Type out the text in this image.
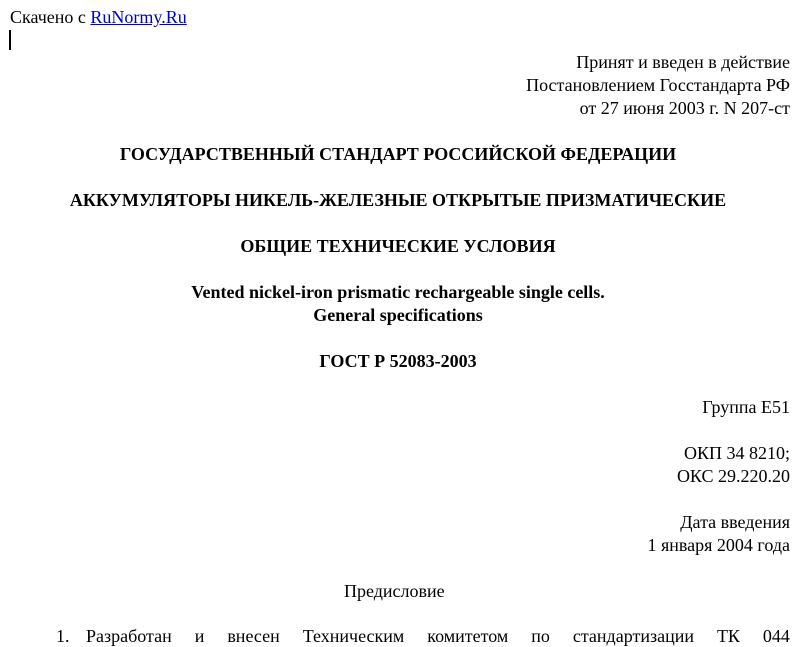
Скачено с RuNormy.Ru
Принят и введен в действие
Постановлением Госстандарта РФ
от 27 июня 2003 г. N 207-ст
ГОСУДАРСТВЕННЫЙ СТАНДАРТ РОССИЙСКОЙ ФЕДЕРАЦИИ
АККУМУЛЯТОРЫ НИКЕЛЬ-ЖЕЛЕЗНЫЕ ОТКРЫТЫЕ ПРИЗМАТИЧЕСКИЕ
ОБЩИЕ ТЕХНИЧЕСКИЕ УСЛОВИЯ
Vented nickel-iron prismatic rechargeable single cells.
General specifications
ГОСТ Р 52083-2003
Группа Е51
ОКП 34 8210;
ОКС 29.220.20
Дата введения
1 января 2004 года
Предисловие
1. Разработан и внесен Техническим комитетом по стандартизации ТК 044
